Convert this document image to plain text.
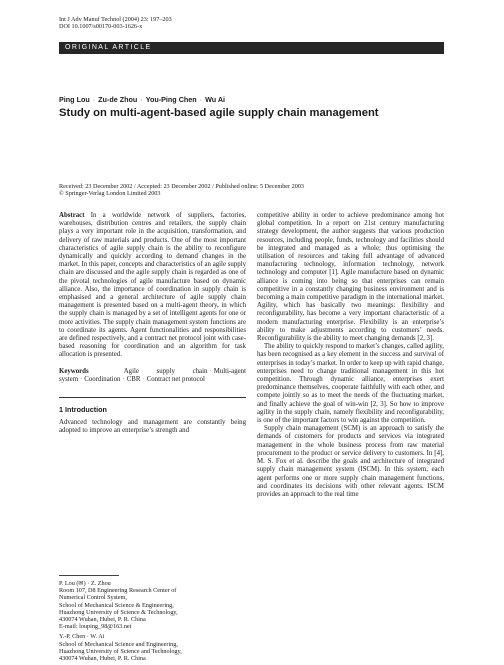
Int J Adv Manuf Technol (2004) 23: 197–203
DOI 10.1007/s00170-003-1626-x
ORIGINAL ARTICLE
Ping Lou · Zu-de Zhou · You-Ping Chen · Wu Ai
Study on multi-agent-based agile supply chain management
Received: 23 December 2002 / Accepted: 23 December 2002 / Published online: 5 December 2003
© Springer-Verlag London Limited 2003

Abstract In a worldwide network of suppliers, factories, warehouses, distribution centres and retailers, the supply chain plays a very important role in the acquisition, transformation, and delivery of raw materials and products. One of the most important characteristics of agile supply chain is the ability to reconfigure dynamically and quickly according to demand changes in the market. In this paper, concepts and characteristics of an agile supply chain are discussed and the agile supply chain is regarded as one of the pivotal technologies of agile manufacture based on dynamic alliance. Also, the importance of coordination in supply chain is emphasised and a general architecture of agile supply chain management is presented based on a multi-agent theory, in which the supply chain is managed by a set of intelligent agents for one or more activities. The supply chain management system functions are to coordinate its agents. Agent functionalities and responsibilities are defined respectively, and a contract net protocol joint with case-based reasoning for coordination and an algorithm for task allocation is presented.

Keywords	Agile supply chain · Multi-agent system · Coordination · CBR · Contract net protocol

1 Introduction

Advanced technology and management are constantly being adopted to improve an enterprise’s strength and

competitive ability in order to achieve predominance among hot global competition. In a report on 21st century manufacturing strategy development, the author suggests that various production resources, including people, funds, technology and facilities should be integrated and managed as a whole; thus optimising the utilisation of resources and taking full advantage of advanced manufacturing technology, information technology, network technology and computer [1]. Agile manufacture based on dynamic alliance is coming into being so that enterprises can remain competitive in a constantly changing business environment and is becoming a main competitive paradigm in the international market. Agility, which has basically two meanings: flexibility and reconfigurability, has become a very important characteristic of a modern manufacturing enterprise. Flexibility is an enterprise’s ability to make adjustments according to customers’ needs. Reconfigurability is the ability to meet changing demands [2, 3].

The ability to quickly respond to market’s changes, called agility, has been recognised as a key element in the success and survival of enterprises in today’s market. In order to keep up with rapid change, enterprises need to change traditional management in this hot competition. Through dynamic alliance, enterprises exert predominance themselves, cooperate faithfully with each other, and compete jointly so as to meet the needs of the fluctuating market, and finally achieve the goal of win-win [2, 3]. So how to improve agility in the supply chain, namely flexibility and reconfigurability, is one of the important factors to win against the competition.

Supply chain management (SCM) is an approach to satisfy the demands of customers for products and services via integrated management in the whole business process from raw material procurement to the product or service delivery to customers. In [4], M. S. Fox et al. describe the goals and architecture of integrated supply chain management system (ISCM). In this system, each agent performs one or more supply chain management functions, and coordinates its decisions with other relevant agents. ISCM provides an approach to the real time

P. Lou (✉) · Z. Zhou
Room 107, D8 Engineering Research Center of
Numerical Control System,
School of Mechanical Science & Engineering,
Huazhong University of Science & Technology,
430074 Wuhan, Hubei, P. R. China
E-mail: louping_98@163.net
Y.-P. Chen · W. Ai
School of Mechanical Science and Engineering,
Huazhong University of Science and Technology,
430074 Wuhan, Hubei, P. R. China
